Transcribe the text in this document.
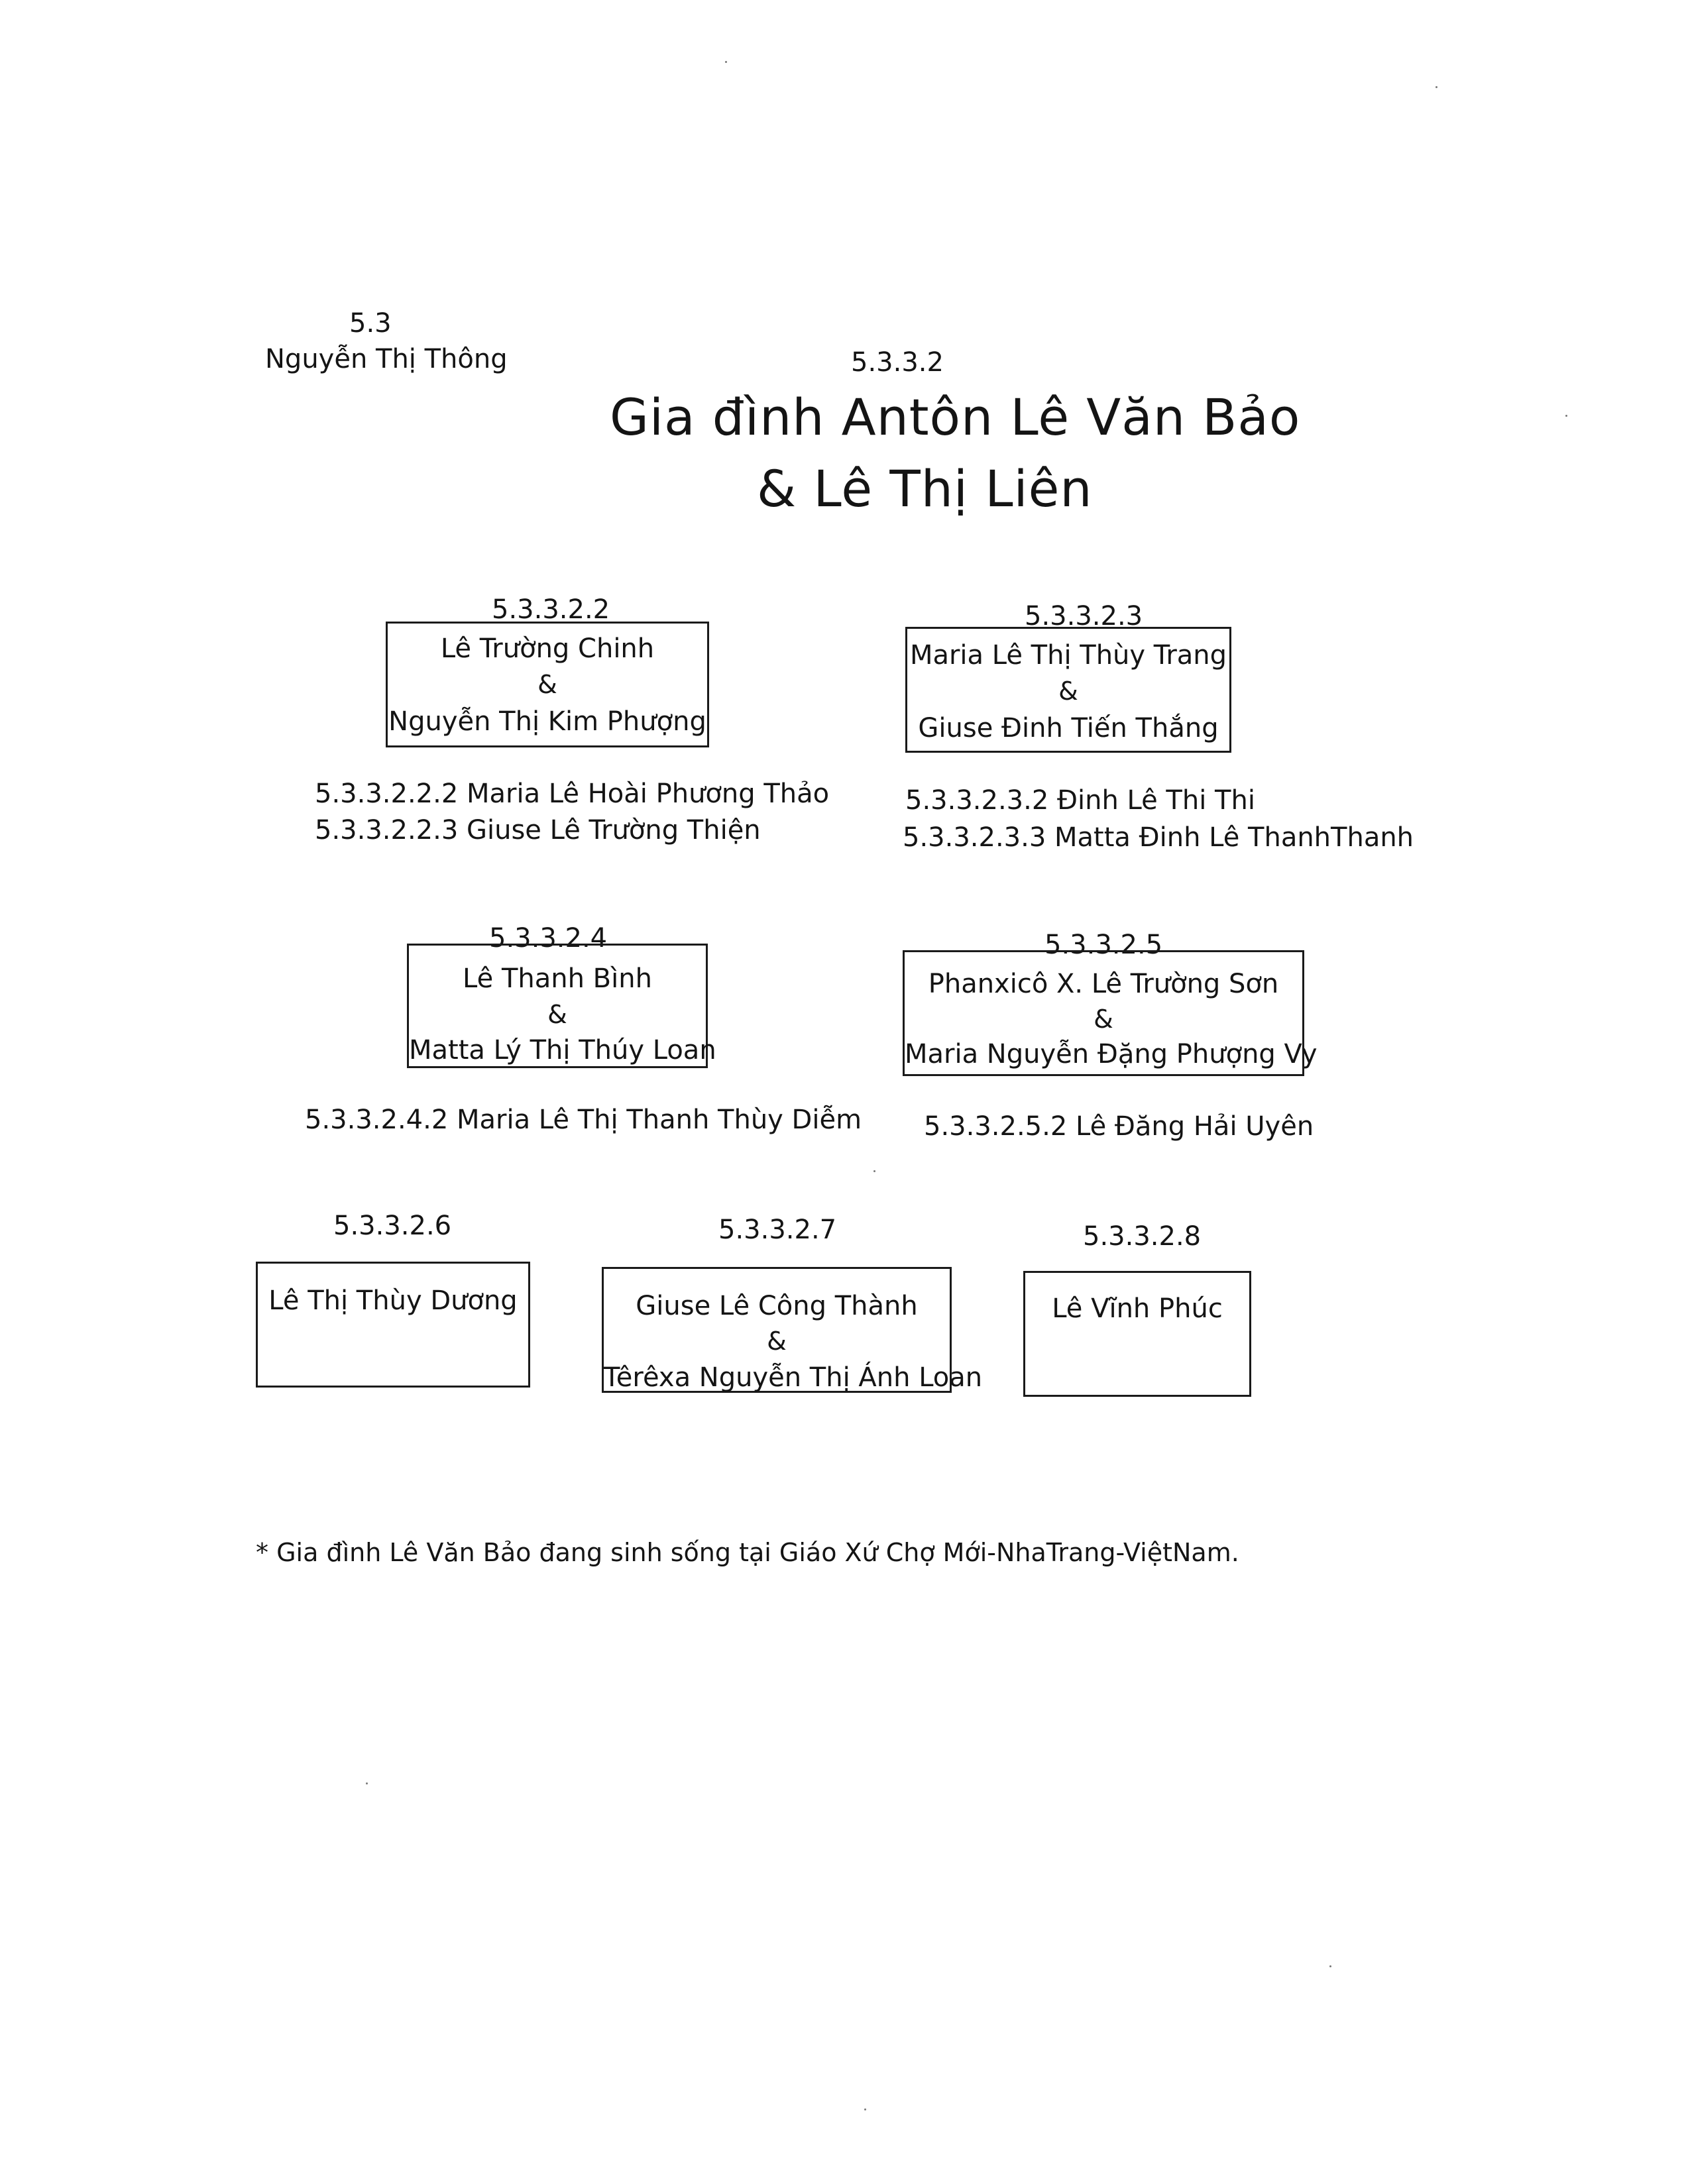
5.3
Nguyễn Thị Thông	5.3.3.2
Gia đình Antôn Lê Văn Bảo
& Lê Thị Liên
5.3.3.2.2
Lê Trường Chinh
&
Nguyễn Thị Kim Phượng
5.3.3.2.2.2 Maria Lê Hoài Phương Thảo
5.3.3.2.2.3 Giuse Lê Trường Thiện
5.3.3.2.3
Maria Lê Thị Thùy Trang
&
Giuse Đinh Tiến Thắng
5.3.3.2.3.2 Đinh Lê Thi Thi
5.3.3.2.3.3 Matta Đinh Lê ThanhThanh
5.3.3.2.4
Lê Thanh Bình
&
Matta Lý Thị Thúy Loan
5.3.3.2.4.2 Maria Lê Thị Thanh Thùy Diễm
5.3.3.2.5
Phanxicô X. Lê Trường Sơn
&
Maria Nguyễn Đặng Phượng Vy
5.3.3.2.5.2 Lê Đăng Hải Uyên
5.3.3.2.6
Lê Thị Thùy Dương
5.3.3.2.7
Giuse Lê Công Thành
&
Têrêxa Nguyễn Thị Ánh Loan
5.3.3.2.8
Lê Vĩnh Phúc
* Gia đình Lê Văn Bảo đang sinh sống tại Giáo Xứ Chợ Mới-NhaTrang-ViệtNam.
